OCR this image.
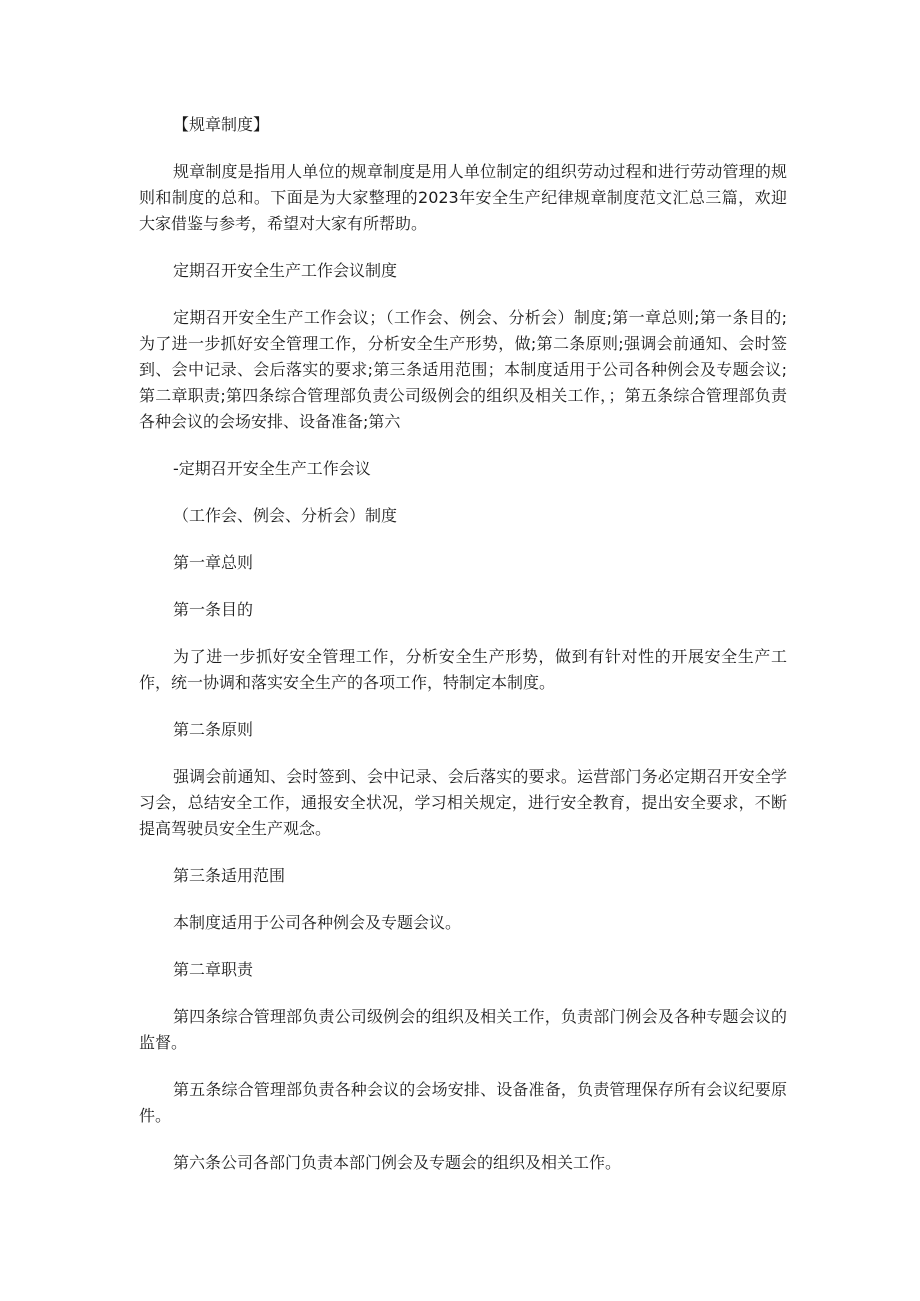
【规章制度】

规章制度是指用人单位的规章制度是用人单位制定的组织劳动过程和进行劳动管理的规则和制度的总和。下面是为大家整理的2023年安全生产纪律规章制度范文汇总三篇，欢迎大家借鉴与参考，希望对大家有所帮助。

定期召开安全生产工作会议制度

定期召开安全生产工作会议；（工作会、例会、分析会）制度;第一章总则;第一条目的;为了进一步抓好安全管理工作，分析安全生产形势，做;第二条原则;强调会前通知、会时签到、会中记录、会后落实的要求;第三条适用范围；本制度适用于公司各种例会及专题会议;第二章职责;第四条综合管理部负责公司级例会的组织及相关工作，；第五条综合管理部负责各种会议的会场安排、设备准备;第六

-定期召开安全生产工作会议

（工作会、例会、分析会）制度

第一章总则

第一条目的

为了进一步抓好安全管理工作，分析安全生产形势，做到有针对性的开展安全生产工作，统一协调和落实安全生产的各项工作，特制定本制度。

第二条原则

强调会前通知、会时签到、会中记录、会后落实的要求。运营部门务必定期召开安全学习会，总结安全工作，通报安全状况，学习相关规定，进行安全教育，提出安全要求，不断提高驾驶员安全生产观念。

第三条适用范围

本制度适用于公司各种例会及专题会议。

第二章职责

第四条综合管理部负责公司级例会的组织及相关工作，负责部门例会及各种专题会议的监督。

第五条综合管理部负责各种会议的会场安排、设备准备，负责管理保存所有会议纪要原件。

第六条公司各部门负责本部门例会及专题会的组织及相关工作。
